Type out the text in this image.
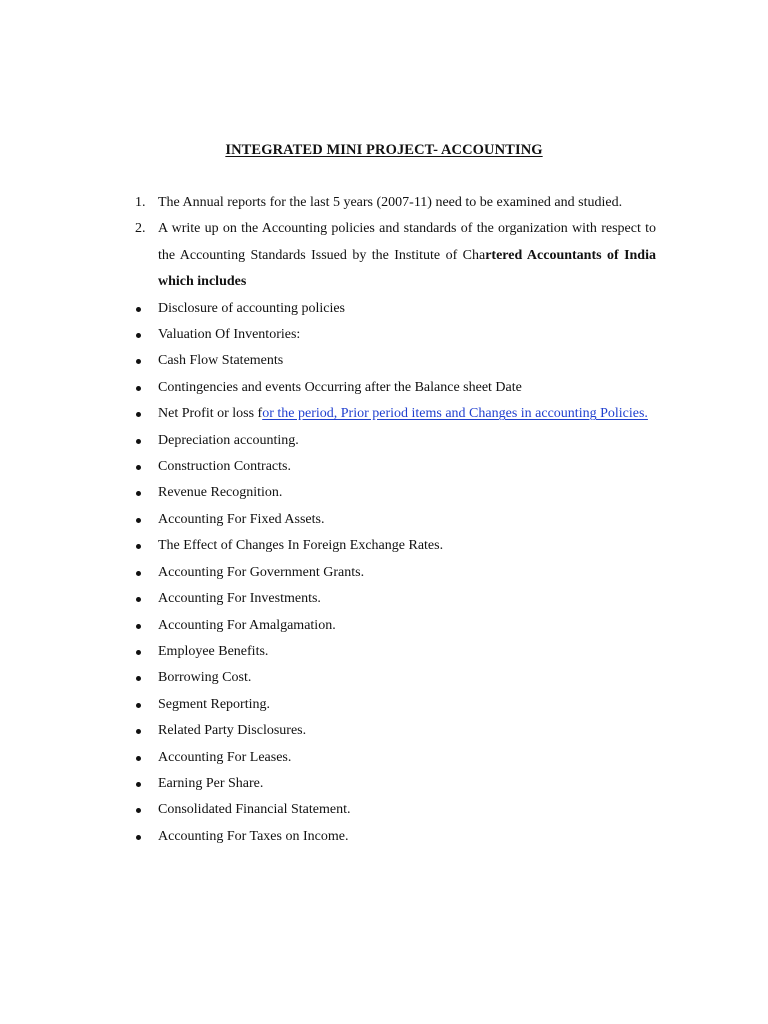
INTEGRATED MINI PROJECT- ACCOUNTING
1. The Annual reports for the last 5 years (2007-11) need to be examined and studied.
2. A write up on the Accounting policies and standards of the organization with respect to the Accounting Standards Issued by the Institute of Chartered Accountants of India which includes
Disclosure of accounting policies
Valuation Of Inventories:
Cash Flow Statements
Contingencies and events Occurring after the Balance sheet Date
Net Profit or loss for the period, Prior period items and Changes in accounting Policies.
Depreciation accounting.
Construction Contracts.
Revenue Recognition.
Accounting For Fixed Assets.
The Effect of Changes In Foreign Exchange Rates.
Accounting For Government Grants.
Accounting For Investments.
Accounting For Amalgamation.
Employee Benefits.
Borrowing Cost.
Segment Reporting.
Related Party Disclosures.
Accounting For Leases.
Earning Per Share.
Consolidated Financial Statement.
Accounting For Taxes on Income.
